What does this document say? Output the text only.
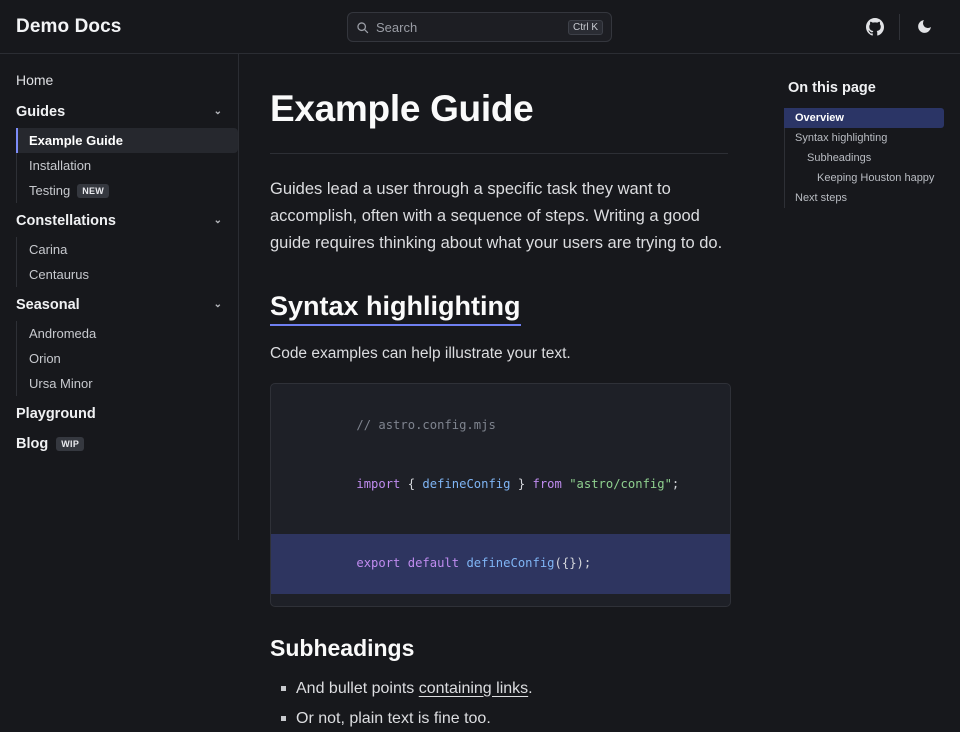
Demo Docs	Search	Ctrl K
Home
Guides	⌄
Example Guide
Installation
Testing	NEW
Constellations	⌄
Carina
Centaurus
Seasonal	⌄
Andromeda
Orion
Ursa Minor
Playground
Blog	WIP
Example Guide

Guides lead a user through a specific task they want to accomplish, often with a sequence of steps. Writing a good guide requires thinking about what your users are trying to do.

Syntax highlighting

Code examples can help illustrate your text.

// astro.config.mjs

import { defineConfig } from "astro/config";

export default defineConfig({});

Subheadings
And bullet points containing links.
Or not, plain text is fine too.
On this page
Overview
Syntax highlighting
Subheadings
Keeping Houston happy
Next steps
